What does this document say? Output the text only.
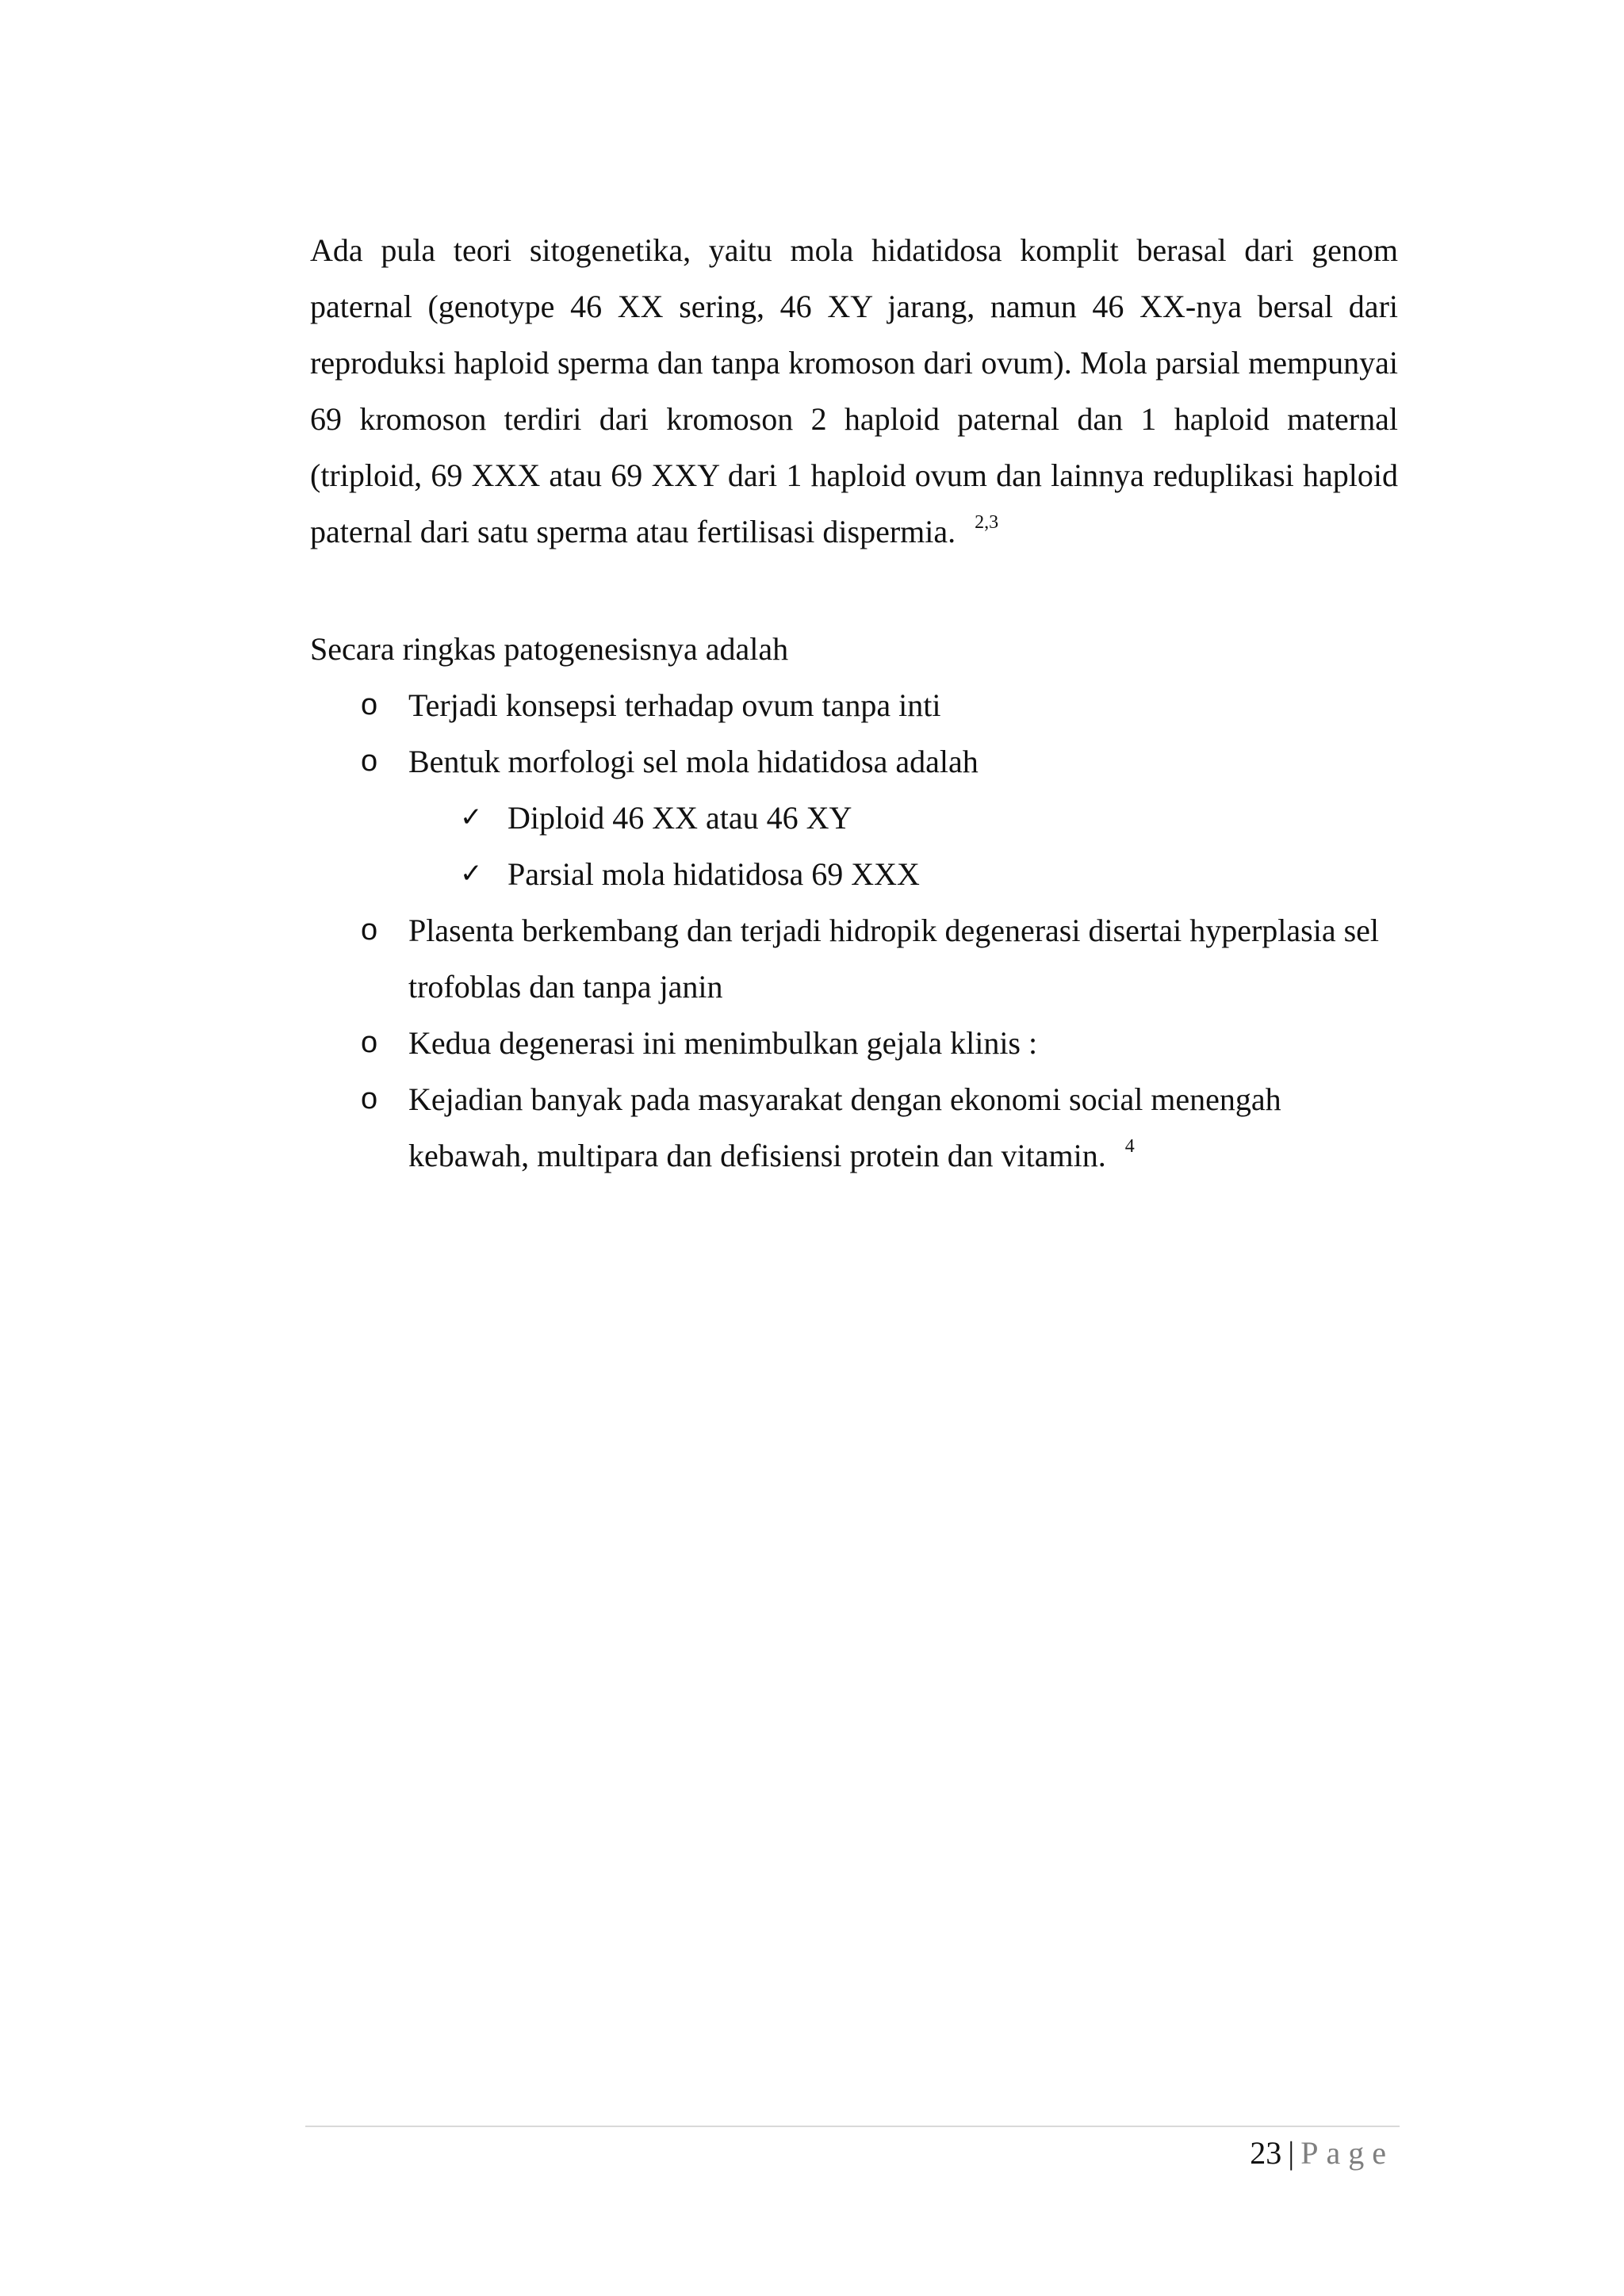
Ada pula teori sitogenetika, yaitu mola hidatidosa komplit berasal dari genom paternal (genotype 46 XX sering, 46 XY jarang, namun 46 XX-nya bersal dari reproduksi haploid sperma dan tanpa kromoson dari ovum). Mola parsial mempunyai 69 kromoson terdiri dari kromoson 2 haploid paternal dan 1 haploid maternal (triploid, 69 XXX atau 69 XXY dari 1 haploid ovum dan lainnya reduplikasi haploid paternal dari satu sperma atau fertilisasi dispermia. $^{2,3}$

Secara ringkas patogenesisnya adalah

o Terjadi konsepsi terhadap ovum tanpa inti
o Bentuk morfologi sel mola hidatidosa adalah
✓ Diploid 46 XX atau 46 XY
✓ Parsial mola hidatidosa 69 XXX
o Plasenta berkembang dan terjadi hidropik degenerasi disertai hyperplasia sel trofoblas dan tanpa janin
o Kedua degenerasi ini menimbulkan gejala klinis :
o Kejadian banyak pada masyarakat dengan ekonomi social menengah kebawah, multipara dan defisiensi protein dan vitamin. $^4$
23 | Page
